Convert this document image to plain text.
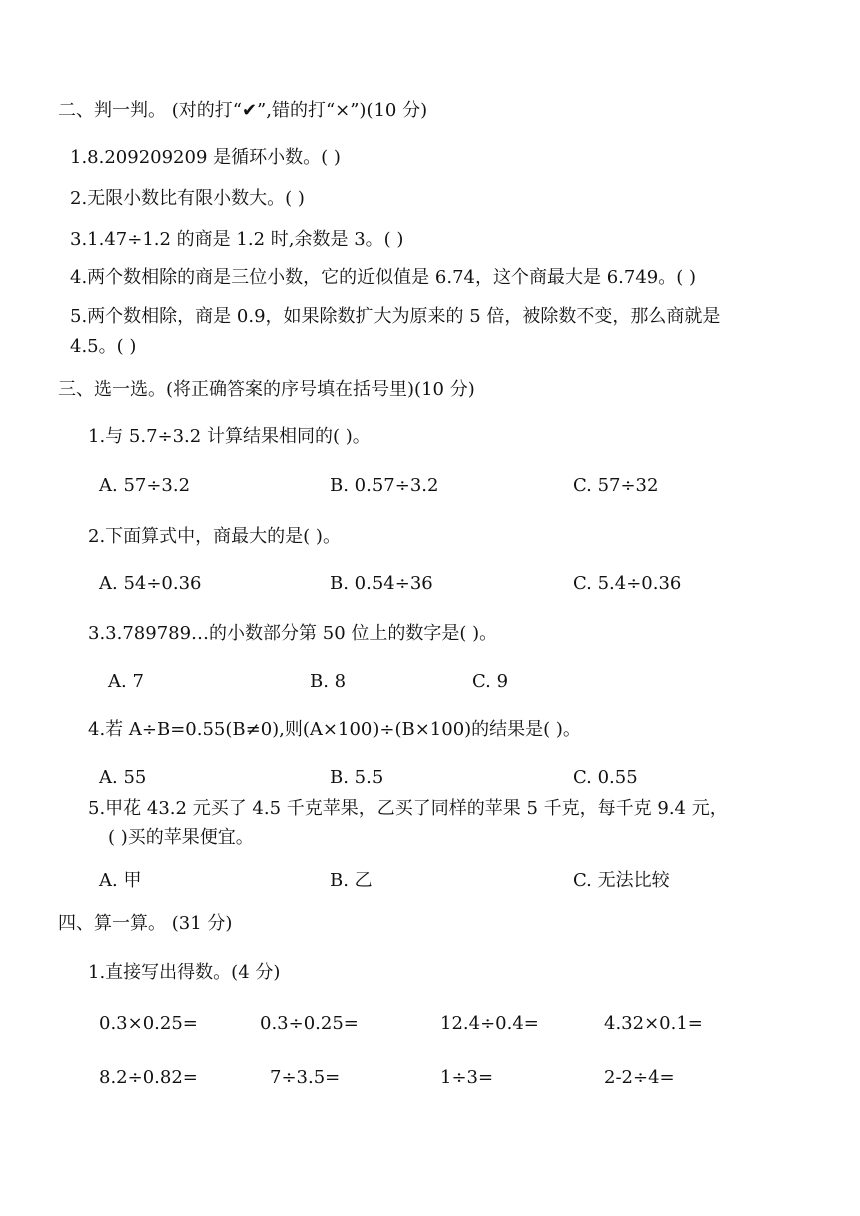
二、判一判。 (对的打“✔”,错的打“×”)(10 分)
1.8.209209209 是循环小数。( )
2.无限小数比有限小数大。( )
3.1.47÷1.2 的商是 1.2 时,余数是 3。( )
4.两个数相除的商是三位小数，它的近似值是 6.74，这个商最大是 6.749。( )
5.两个数相除，商是 0.9，如果除数扩大为原来的 5 倍，被除数不变，那么商就是
4.5。( )
三、选一选。(将正确答案的序号填在括号里)(10 分)
1.与 5.7÷3.2 计算结果相同的( )。
A. 57÷3.2	B. 0.57÷3.2	C. 57÷32
2.下面算式中，商最大的是( )。
A. 54÷0.36	B. 0.54÷36	C. 5.4÷0.36
3.3.789789…的小数部分第 50 位上的数字是( )。
A. 7	B. 8	C. 9
4.若 A÷B=0.55(B≠0),则(A×100)÷(B×100)的结果是( )。
A. 55	B. 5.5	C. 0.55
5.甲花 43.2 元买了 4.5 千克苹果，乙买了同样的苹果 5 千克，每千克 9.4 元，
( )买的苹果便宜。
A. 甲	B. 乙	C. 无法比较
四、算一算。 (31 分)
1.直接写出得数。(4 分)
0.3×0.25=	0.3÷0.25=	12.4÷0.4=	4.32×0.1=
8.2÷0.82=	7÷3.5=	1÷3=	2-2÷4=
